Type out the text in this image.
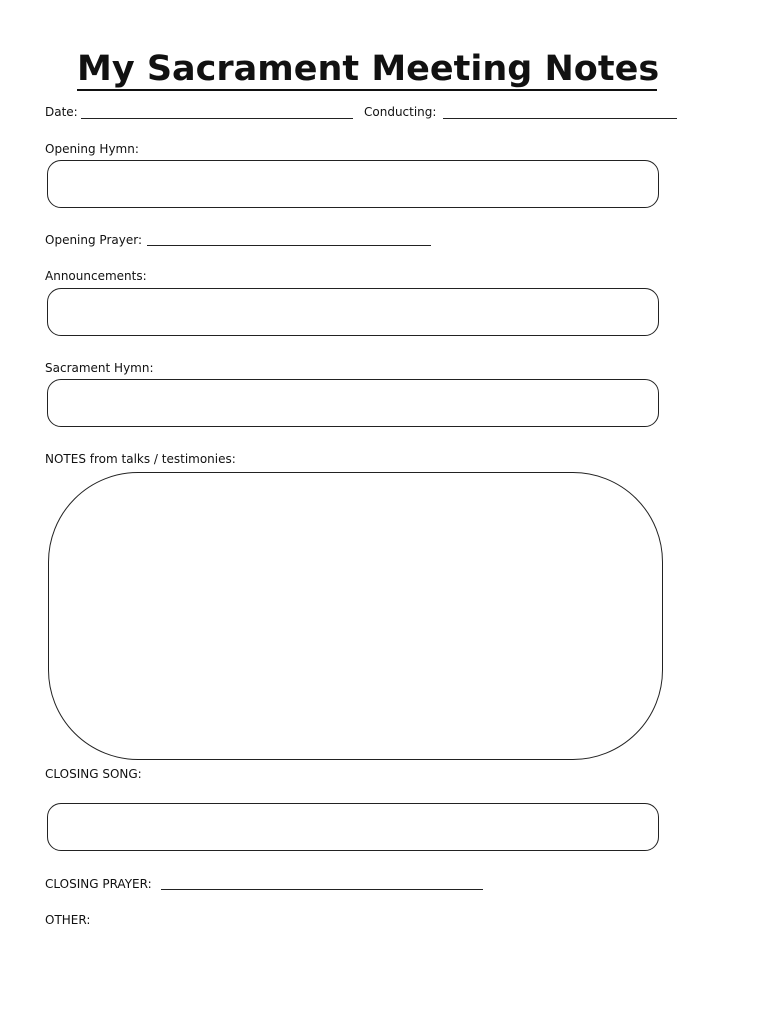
My Sacrament Meeting Notes
Date:	Conducting:
Opening Hymn:
Opening Prayer:
Announcements:
Sacrament Hymn:
NOTES from talks / testimonies:
CLOSING SONG:
CLOSING PRAYER:
OTHER:
